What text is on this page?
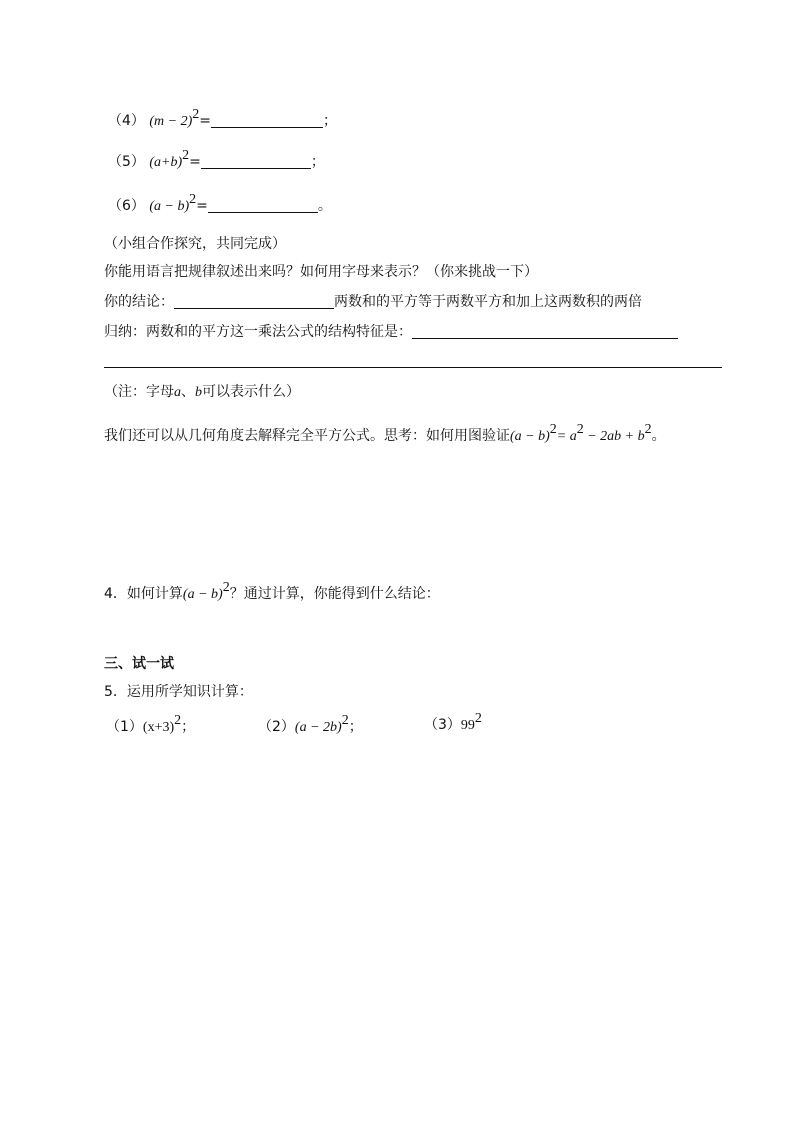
（4） $(m - 2)^2=$	；
（5） $(a+b)^2=$	；
（6） $(a - b)^2=$	。
（小组合作探究，共同完成）
你能用语言把规律叙述出来吗？如何用字母来表示？（你来挑战一下）
你的结论：	两数和的平方等于两数平方和加上这两数积的两倍
归纳：两数和的平方这一乘法公式的结构特征是：
（注：字母a、b可以表示什么）
我们还可以从几何角度去解释完全平方公式。思考：如何用图验证$(a - b)^2= a^2 - 2ab + b^2$。
4．如何计算$(a - b)^2$？通过计算，你能得到什么结论：
三、试一试
5．运用所学知识计算：
$(1)(x+3)^2$；	$(2)(a - 2b)^2$；	$(3)99^2$
